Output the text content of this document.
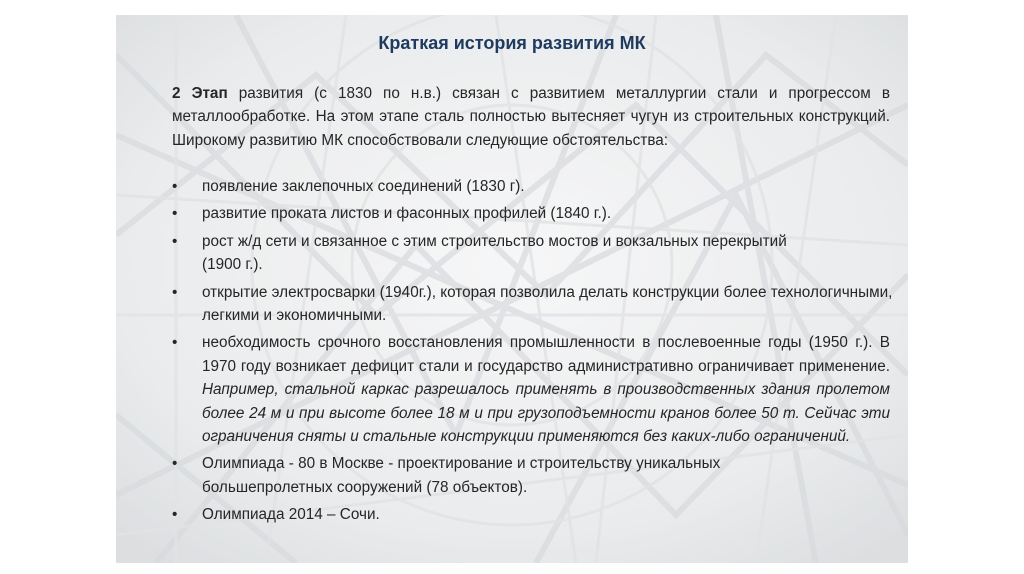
Краткая история развития МК

2 Этап развития (с 1830 по н.в.) связан с развитием металлургии стали и прогрессом в металлообработке. На этом этапе сталь полностью вытесняет чугун из строительных конструкций. Широкому развитию МК способствовали следующие обстоятельства:

• появление заклепочных соединений (1830 г).
• развитие проката листов и фасонных профилей (1840 г.).
• рост ж/д сети и связанное с этим строительство мостов и вокзальных перекрытий (1900 г.).
• открытие электросварки (1940г.), которая позволила делать конструкции более технологичными, легкими и экономичными.
• необходимость срочного восстановления промышленности в послевоенные годы (1950 г.). В 1970 году возникает дефицит стали и государство административно ограничивает применение. Например, стальной каркас разрешалось применять в производственных здания пролетом более 24 м и при высоте более 18 м и при грузоподъемности кранов более 50 т. Сейчас эти ограничения сняты и стальные конструкции применяются без каких-либо ограничений.
• Олимпиада - 80 в Москве - проектирование и строительству уникальных большепролетных сооружений (78 объектов).
• Олимпиада 2014 – Сочи.
